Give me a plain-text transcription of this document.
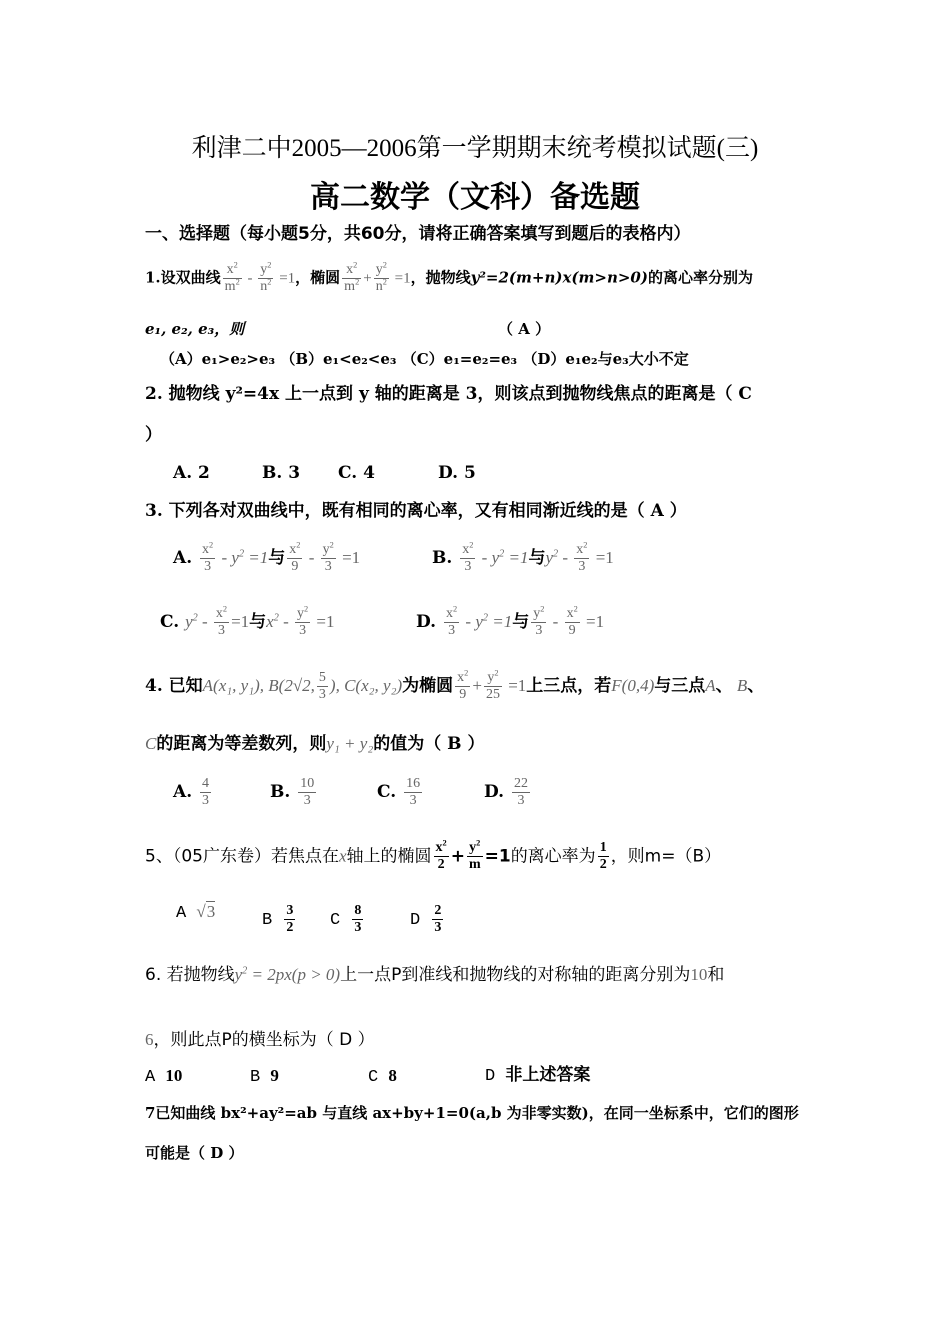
利津二中2005—2006第一学期期末统考模拟试题(三)
高二数学（文科）备选题
一、选择题（每小题5分，共60分，请将正确答案填写到题后的表格内）
1.设双曲线 $\frac{x^2}{m^2} - \frac{y^2}{n^2} =1$，椭圆 $\frac{x^2}{m^2} + \frac{y^2}{n^2} =1$，抛物线y²=2(m+n)x(m>n>0)的离心率分别为
e₁, e₂, e₃，则	（ A ）
（A）e₁>e₂>e₃ （B）e₁<e₂<e₃ （C）e₁=e₂=e₃ （D）e₁e₂与e₃大小不定
2. 抛物线 y²=4x 上一点到 y 轴的距离是 3，则该点到抛物线焦点的距离是（ C
）
A. 2	B. 3 C. 4	D. 5
3. 下列各对双曲线中，既有相同的离心率，又有相同渐近线的是（ A ）
A. $\frac{x^2}{3} - y^2 =1$与 $\frac{x^2}{9} - \frac{y^2}{3} =1$	B. $\frac{x^2}{3} - y^2 =1$与$y^2 - \frac{x^2}{3} =1$
C. $y^2 - \frac{x^2}{3} =1$与$x^2 - \frac{y^2}{3} =1$	D. $\frac{x^2}{3} - y^2 =1$与 $\frac{y^2}{3} - \frac{x^2}{9} =1$
4. 已知A(x₁, y₁), B(2√2, $\frac{5}{3}$ ), C(x₂, y₂)为椭圆 $\frac{x^2}{9} + \frac{y^2}{25} =1$上三点，若F(0,4)与三点A、 B、
C的距离为等差数列，则y₁ + y₂的值为（ B ）
A. $\frac{4}{3}$	B. $\frac{10}{3}$	C. $\frac{16}{3}$	D. $\frac{22}{3}$
5、（05广东卷）若焦点在x轴上的椭圆 $\frac{x^2}{2} + \frac{y^2}{m} =1$的离心率为 $\frac{1}{2}$ ，则m=（B）
A √3	B $\frac{3}{2}$ C $\frac{8}{3}$	D $\frac{2}{3}$
6. 若抛物线$y^2 = 2px(p > 0)$上一点P到准线和抛物线的对称轴的距离分别为10和
6，则此点P的横坐标为（ D ）
A 10	B 9	C 8	D 非上述答案
7已知曲线 bx²+ay²=ab 与直线 ax+by+1=0(a,b 为非零实数)，在同一坐标系中，它们的图形
可能是（ D ）
